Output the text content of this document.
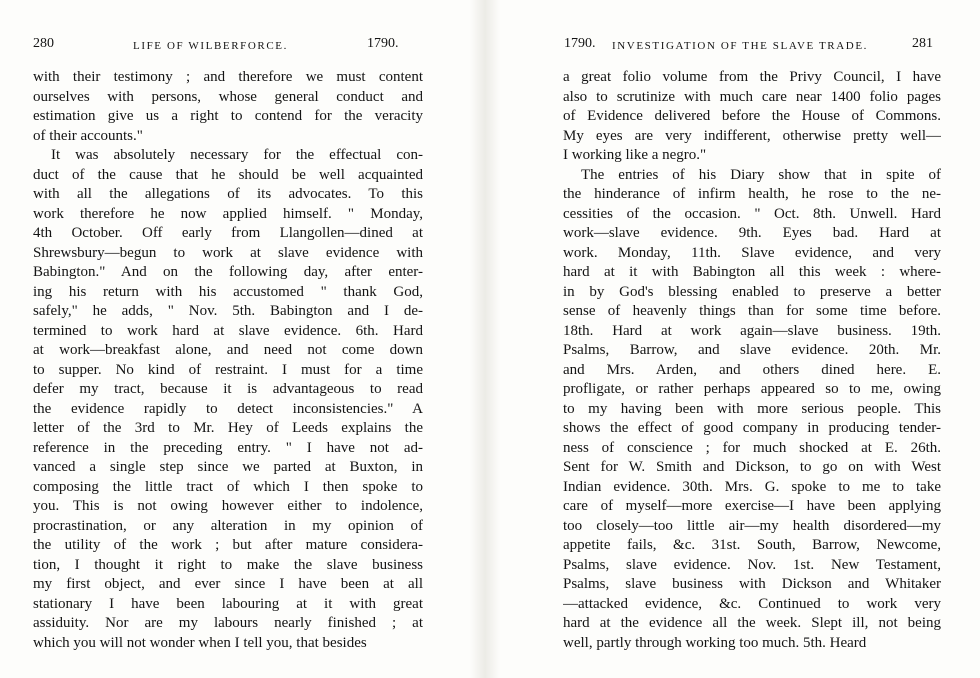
280	LIFE OF WILBERFORCE.	1790.
with their testimony ; and therefore we must content
ourselves with persons, whose general conduct and
estimation give us a right to contend for the veracity
of their accounts."
It was absolutely necessary for the effectual con-
duct of the cause that he should be well acquainted
with all the allegations of its advocates. To this
work therefore he now applied himself. " Monday,
4th October. Off early from Llangollen—dined at
Shrewsbury—begun to work at slave evidence with
Babington." And on the following day, after enter-
ing his return with his accustomed " thank God,
safely," he adds, " Nov. 5th. Babington and I de-
termined to work hard at slave evidence. 6th. Hard
at work—breakfast alone, and need not come down
to supper. No kind of restraint. I must for a time
defer my tract, because it is advantageous to read
the evidence rapidly to detect inconsistencies." A
letter of the 3rd to Mr. Hey of Leeds explains the
reference in the preceding entry. " I have not ad-
vanced a single step since we parted at Buxton, in
composing the little tract of which I then spoke to
you. This is not owing however either to indolence,
procrastination, or any alteration in my opinion of
the utility of the work ; but after mature considera-
tion, I thought it right to make the slave business
my first object, and ever since I have been at all
stationary I have been labouring at it with great
assiduity. Nor are my labours nearly finished ; at
which you will not wonder when I tell you, that besides
1790. INVESTIGATION OF THE SLAVE TRADE.	281
a great folio volume from the Privy Council, I have
also to scrutinize with much care near 1400 folio pages
of Evidence delivered before the House of Commons.
My eyes are very indifferent, otherwise pretty well—
I working like a negro."
The entries of his Diary show that in spite of
the hinderance of infirm health, he rose to the ne-
cessities of the occasion. " Oct. 8th. Unwell. Hard
work—slave evidence. 9th. Eyes bad. Hard at
work. Monday, 11th. Slave evidence, and very
hard at it with Babington all this week : where-
in by God's blessing enabled to preserve a better
sense of heavenly things than for some time before.
18th. Hard at work again—slave business. 19th.
Psalms, Barrow, and slave evidence. 20th. Mr.
and Mrs. Arden, and others dined here. E.
profligate, or rather perhaps appeared so to me, owing
to my having been with more serious people. This
shows the effect of good company in producing tender-
ness of conscience ; for much shocked at E. 26th.
Sent for W. Smith and Dickson, to go on with West
Indian evidence. 30th. Mrs. G. spoke to me to take
care of myself—more exercise—I have been applying
too closely—too little air—my health disordered—my
appetite fails, &c. 31st. South, Barrow, Newcome,
Psalms, slave evidence. Nov. 1st. New Testament,
Psalms, slave business with Dickson and Whitaker
—attacked evidence, &c. Continued to work very
hard at the evidence all the week. Slept ill, not being
well, partly through working too much. 5th. Heard
